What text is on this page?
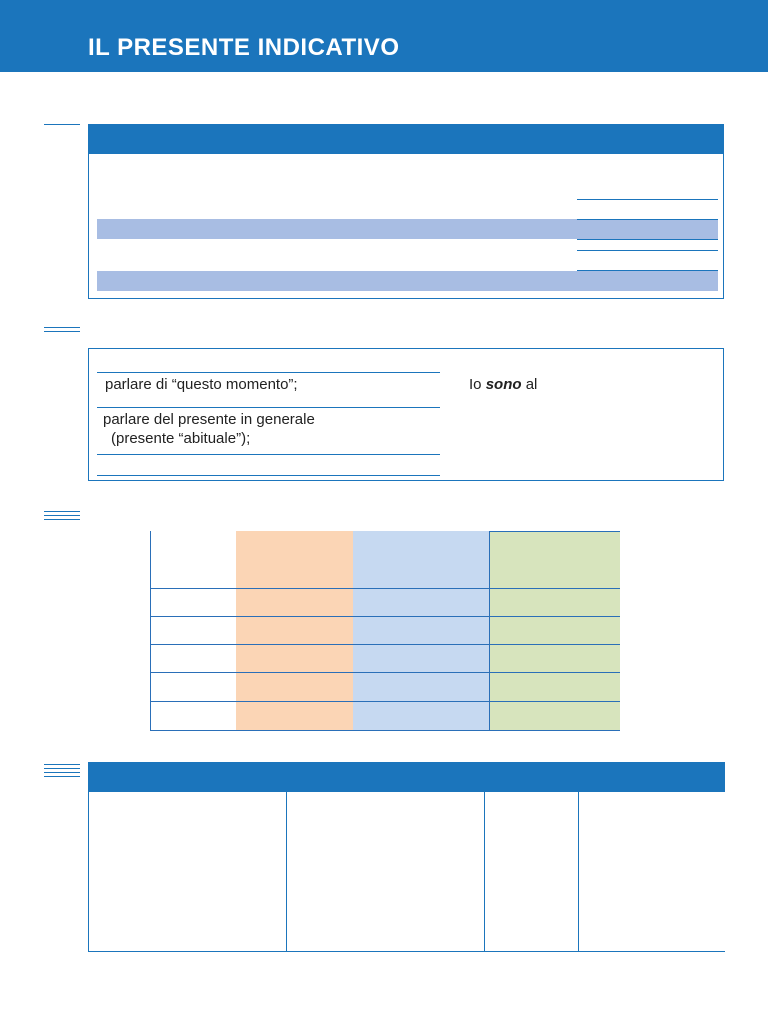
IL PRESENTE INDICATIVO
parlare di “questo momento”;
parlare del presente in generale
(presente “abituale”);
Io sono al
